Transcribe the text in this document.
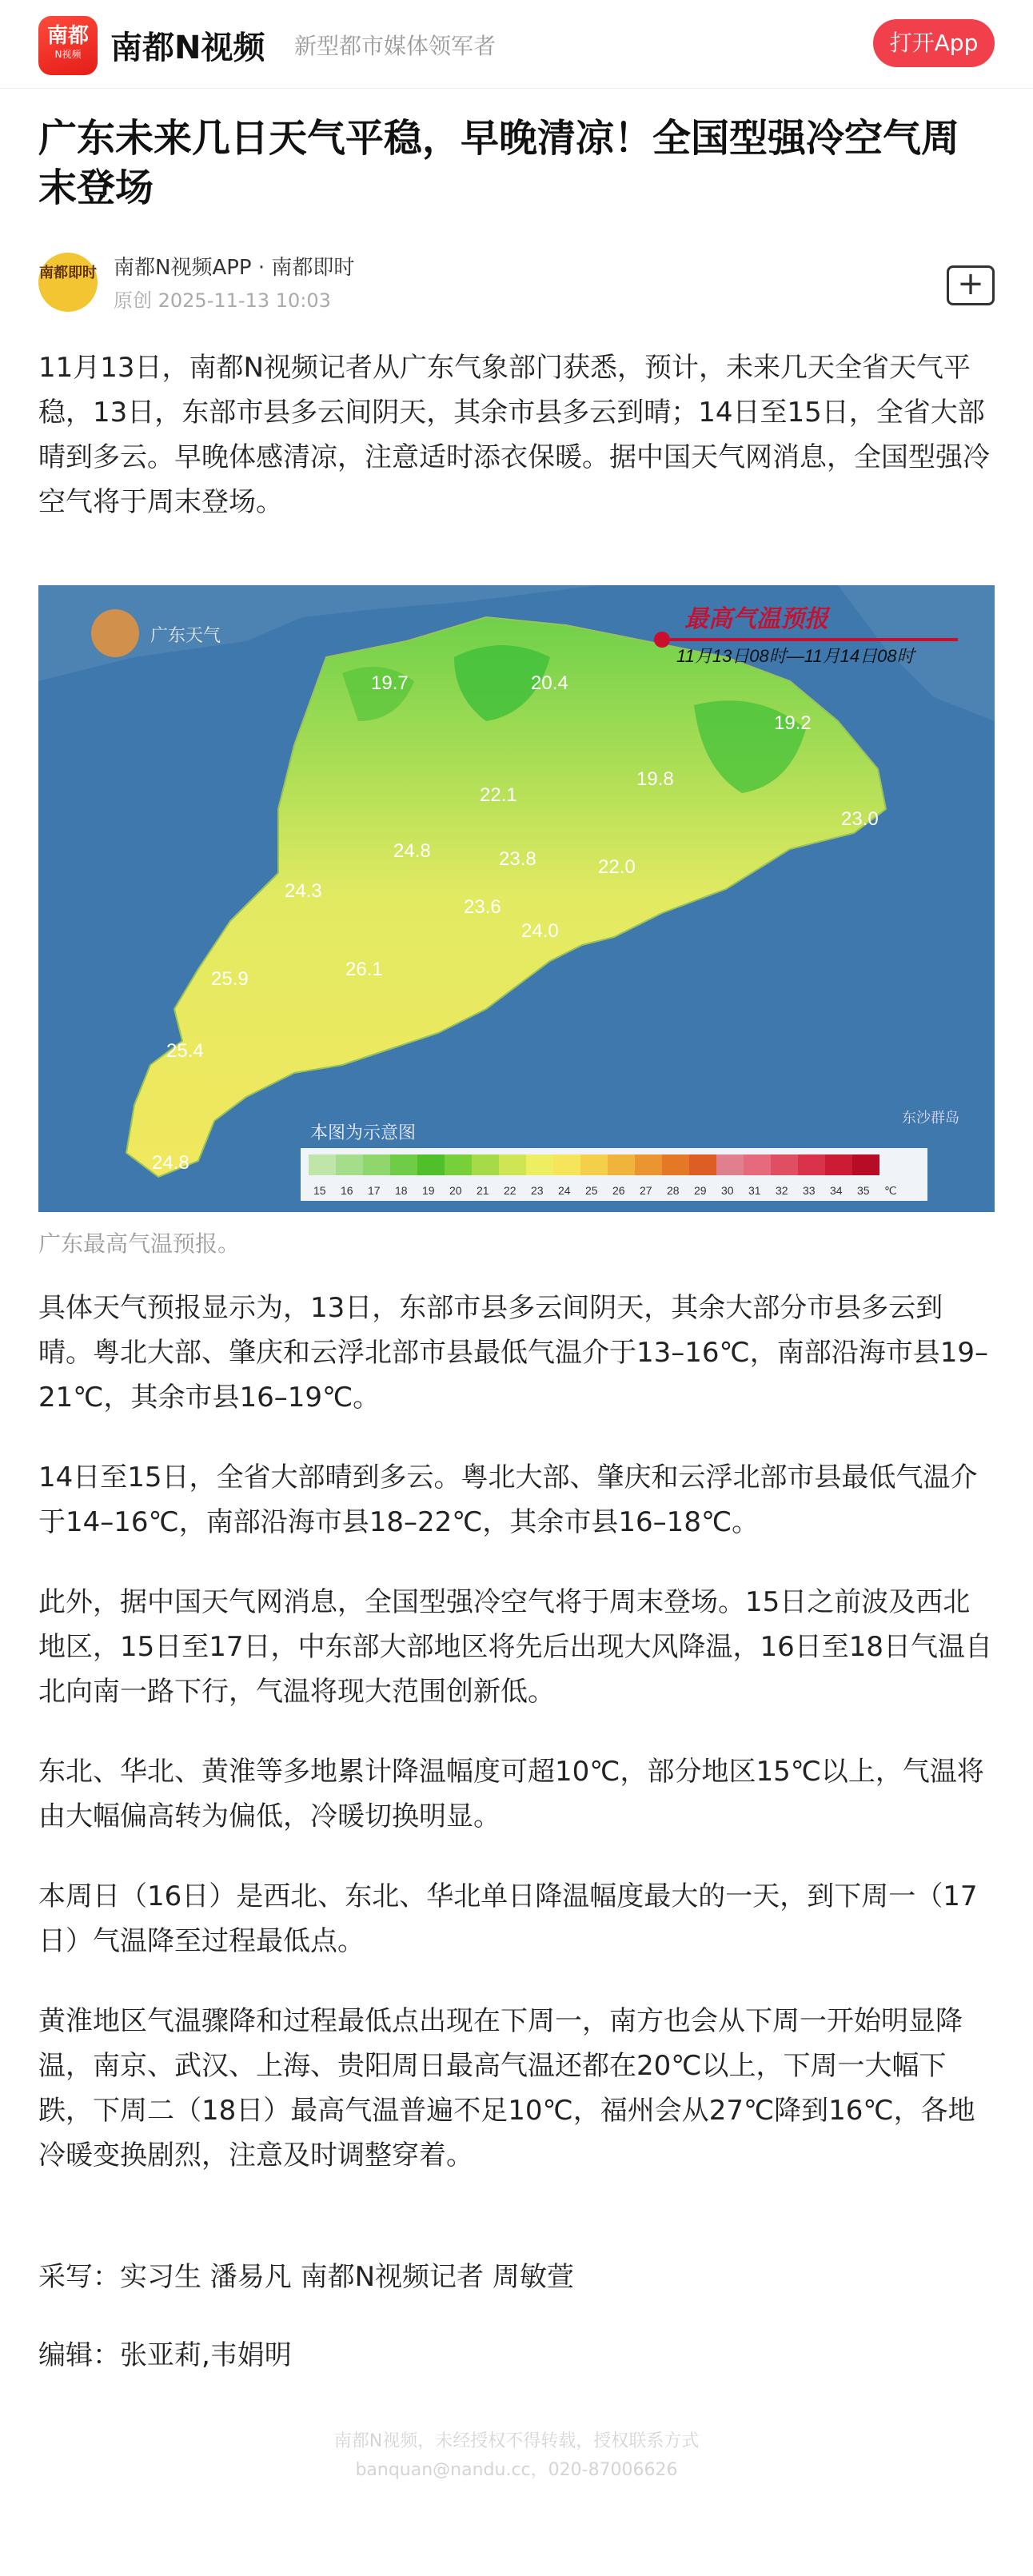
南都
N视频 南都N视频 新型都市媒体领军者	打开App
广东未来几日天气平稳，早晚清凉！全国型强冷空气周末登场
南都即时 南都N视频APP · 南都即时
原创 2025-11-13 10:03	+

11月13日，南都N视频记者从广东气象部门获悉，预计，未来几天全省天气平稳，13日，东部市县多云间阴天，其余市县多云到晴；14日至15日，全省大部晴到多云。早晚体感清凉，注意适时添衣保暖。据中国天气网消息，全国型强冷空气将于周末登场。

广东天气
最高气温预报
11月13日08时—11月14日08时
19.7	20.4
19.2
22.1
19.8
23.0
24.8	23.8	22.0
24.3
23.6
24.0
25.9	26.1
25.4
24.8
本图为示意图
东沙群岛
15 16 17 18 19 20 21 22 23 24 25 26 27 28 29 30 31 32 33 34 35 ℃
广东最高气温预报。

具体天气预报显示为，13日，东部市县多云间阴天，其余大部分市县多云到晴。粤北大部、肇庆和云浮北部市县最低气温介于13–16℃，南部沿海市县19–21℃，其余市县16–19℃。

14日至15日，全省大部晴到多云。粤北大部、肇庆和云浮北部市县最低气温介于14–16℃，南部沿海市县18–22℃，其余市县16–18℃。

此外，据中国天气网消息，全国型强冷空气将于周末登场。15日之前波及西北地区，15日至17日，中东部大部地区将先后出现大风降温，16日至18日气温自北向南一路下行，气温将现大范围创新低。

东北、华北、黄淮等多地累计降温幅度可超10℃，部分地区15℃以上，气温将由大幅偏高转为偏低，冷暖切换明显。

本周日（16日）是西北、东北、华北单日降温幅度最大的一天，到下周一（17日）气温降至过程最低点。

黄淮地区气温骤降和过程最低点出现在下周一，南方也会从下周一开始明显降温，南京、武汉、上海、贵阳周日最高气温还都在20℃以上，下周一大幅下跌，下周二（18日）最高气温普遍不足10℃，福州会从27℃降到16℃，各地冷暖变换剧烈，注意及时调整穿着。

采写：实习生 潘易凡 南都N视频记者 周敏萱

编辑：张亚莉,韦娟明

南都N视频，未经授权不得转载，授权联系方式
banquan@nandu.cc，020-87006626
